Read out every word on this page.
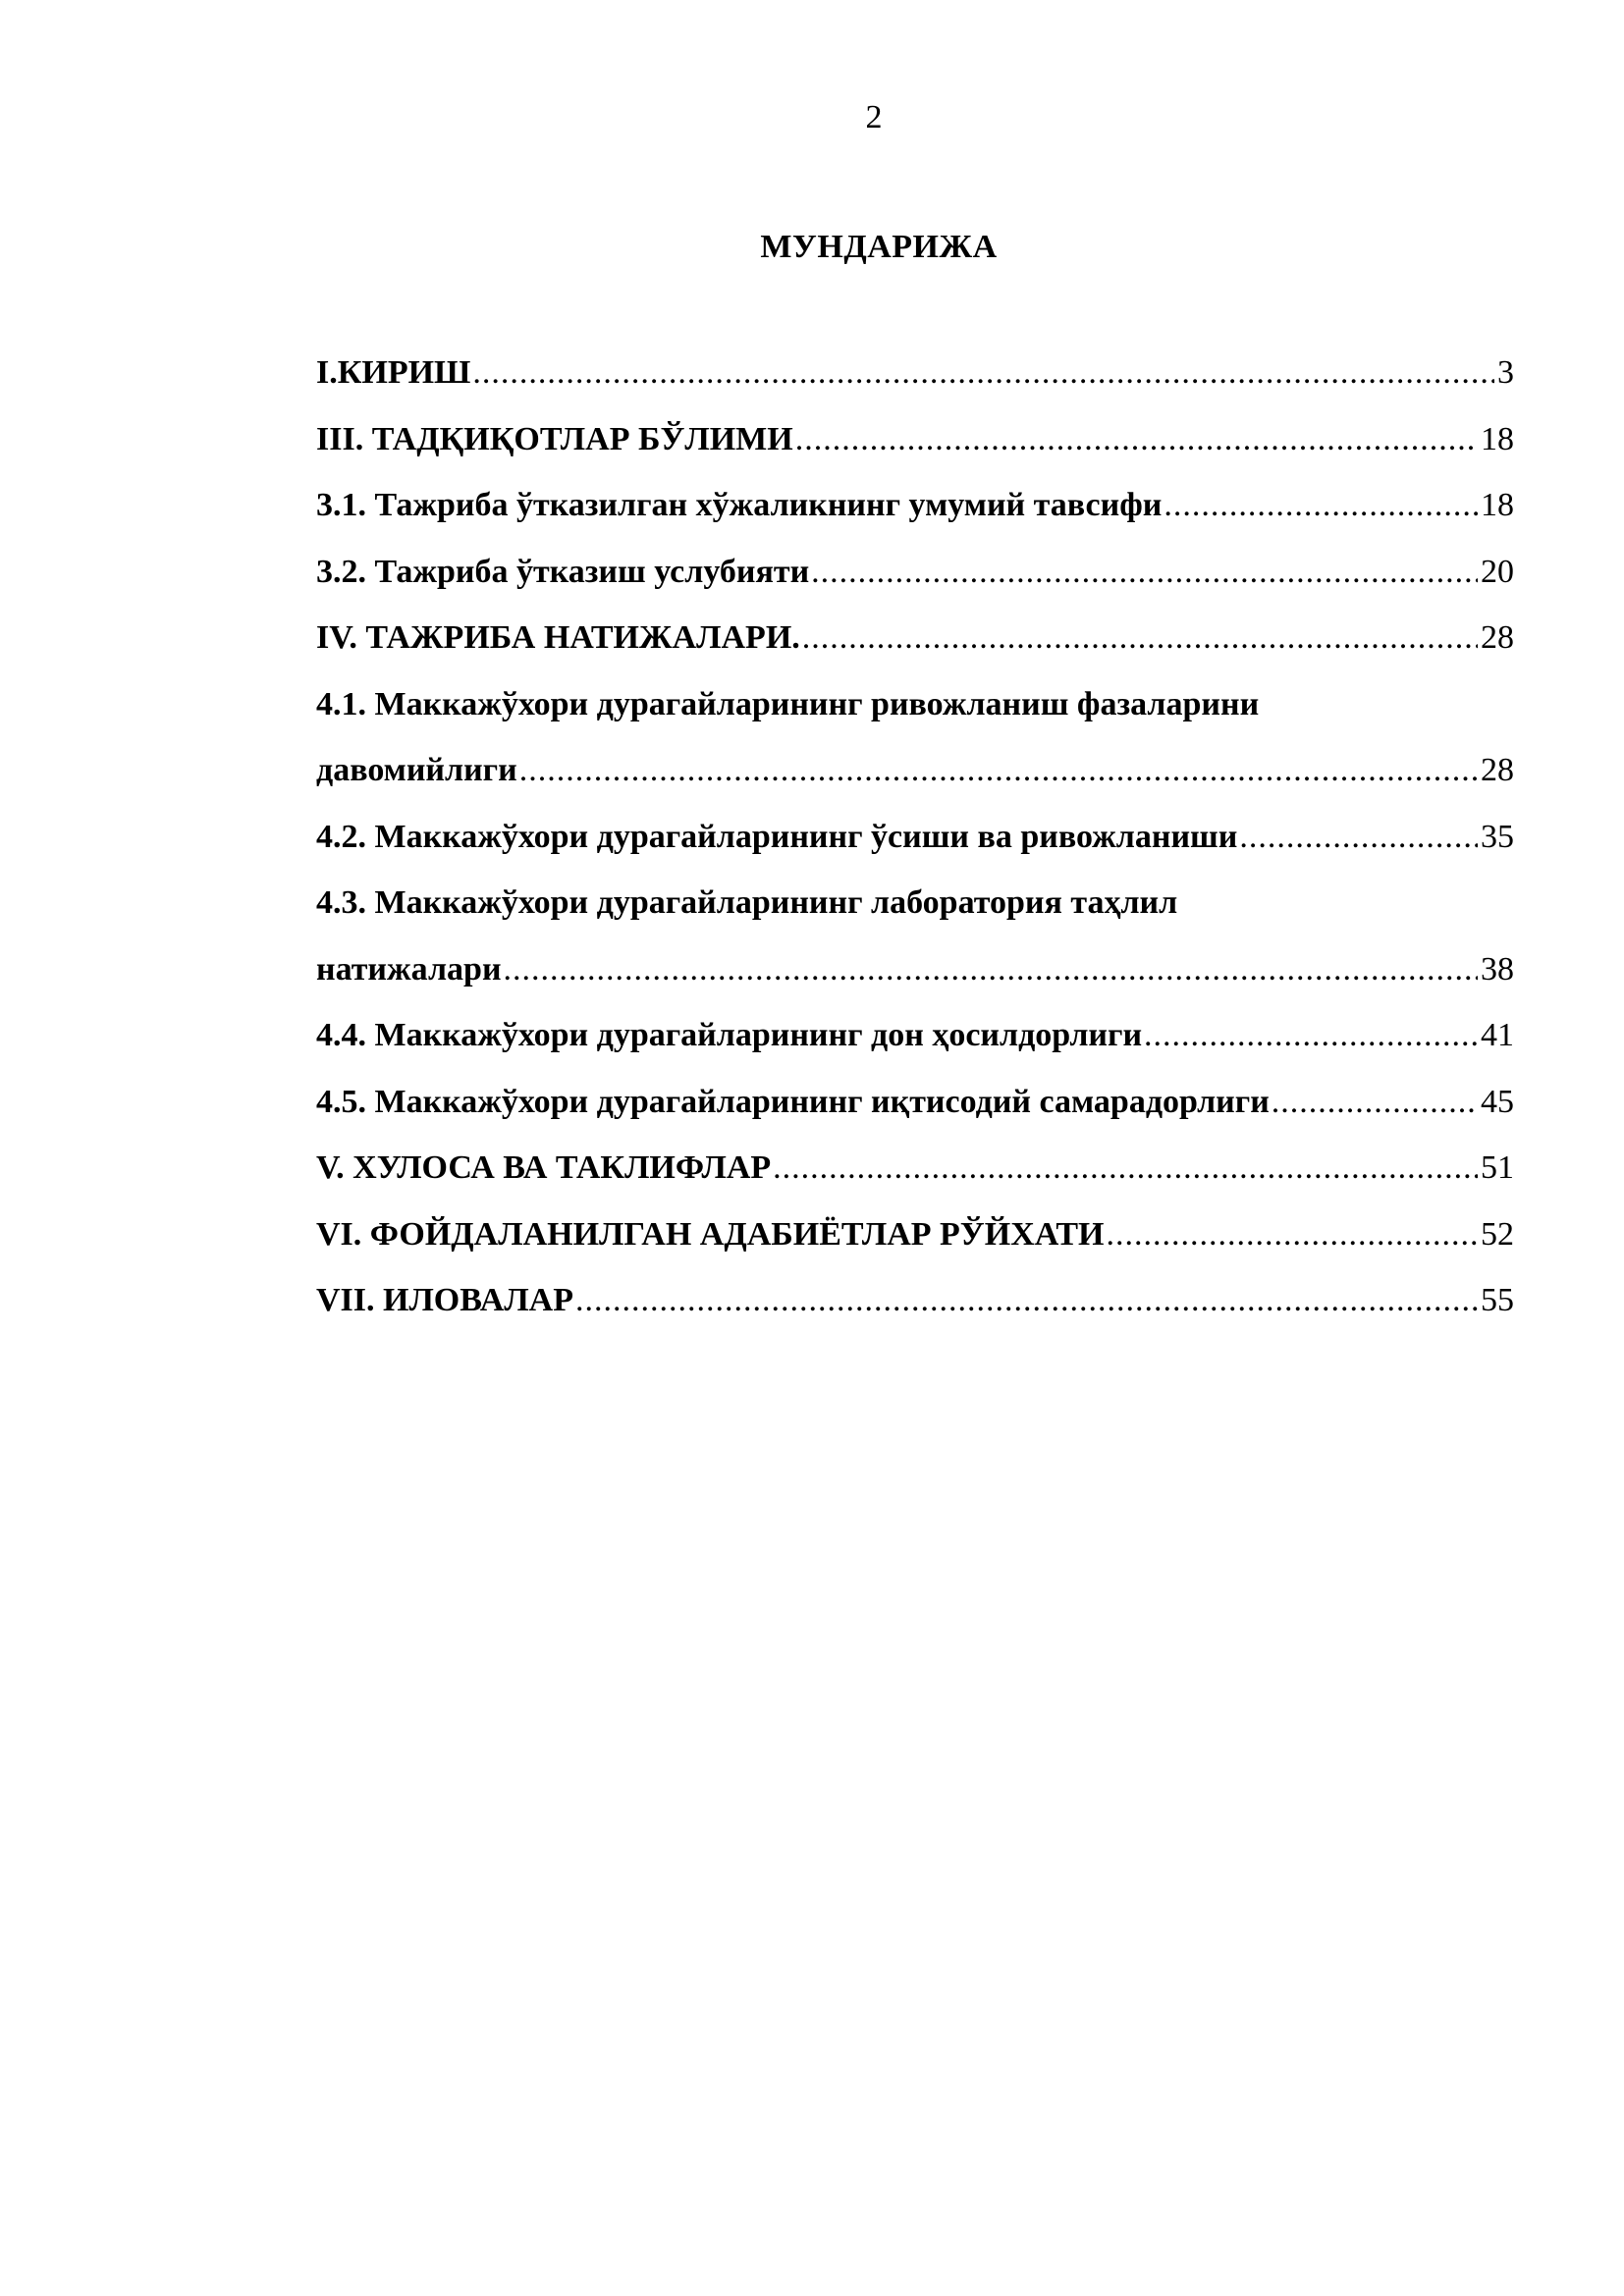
2
МУНДАРИЖА
I.КИРИШ .....	3
III. ТАДҚИҚОТЛАР БЎЛИМИ .....	18
3.1. Тажриба ўтказилган хўжаликнинг умумий тавсифи .....	18
3.2. Тажриба ўтказиш услубияти .....	20
IV. ТАЖРИБА НАТИЖАЛАРИ. .....	28
4.1. Маккажўхори дурагайларининг ривожланиш фазаларини
давомийлиги .....	28
4.2. Маккажўхори дурагайларининг ўсиши ва ривожланиши .....	35
4.3. Маккажўхори дурагайларининг лаборатория таҳлил
натижалари .....	38
4.4. Маккажўхори дурагайларининг дон ҳосилдорлиги .....	41
4.5. Маккажўхори дурагайларининг иқтисодий самарадорлиги .....	45
V. ХУЛОСА ВА ТАКЛИФЛАР .....	51
VI. ФОЙДАЛАНИЛГАН АДАБИЁТЛАР РЎЙХАТИ .....	52
VII. ИЛОВАЛАР .....	55
